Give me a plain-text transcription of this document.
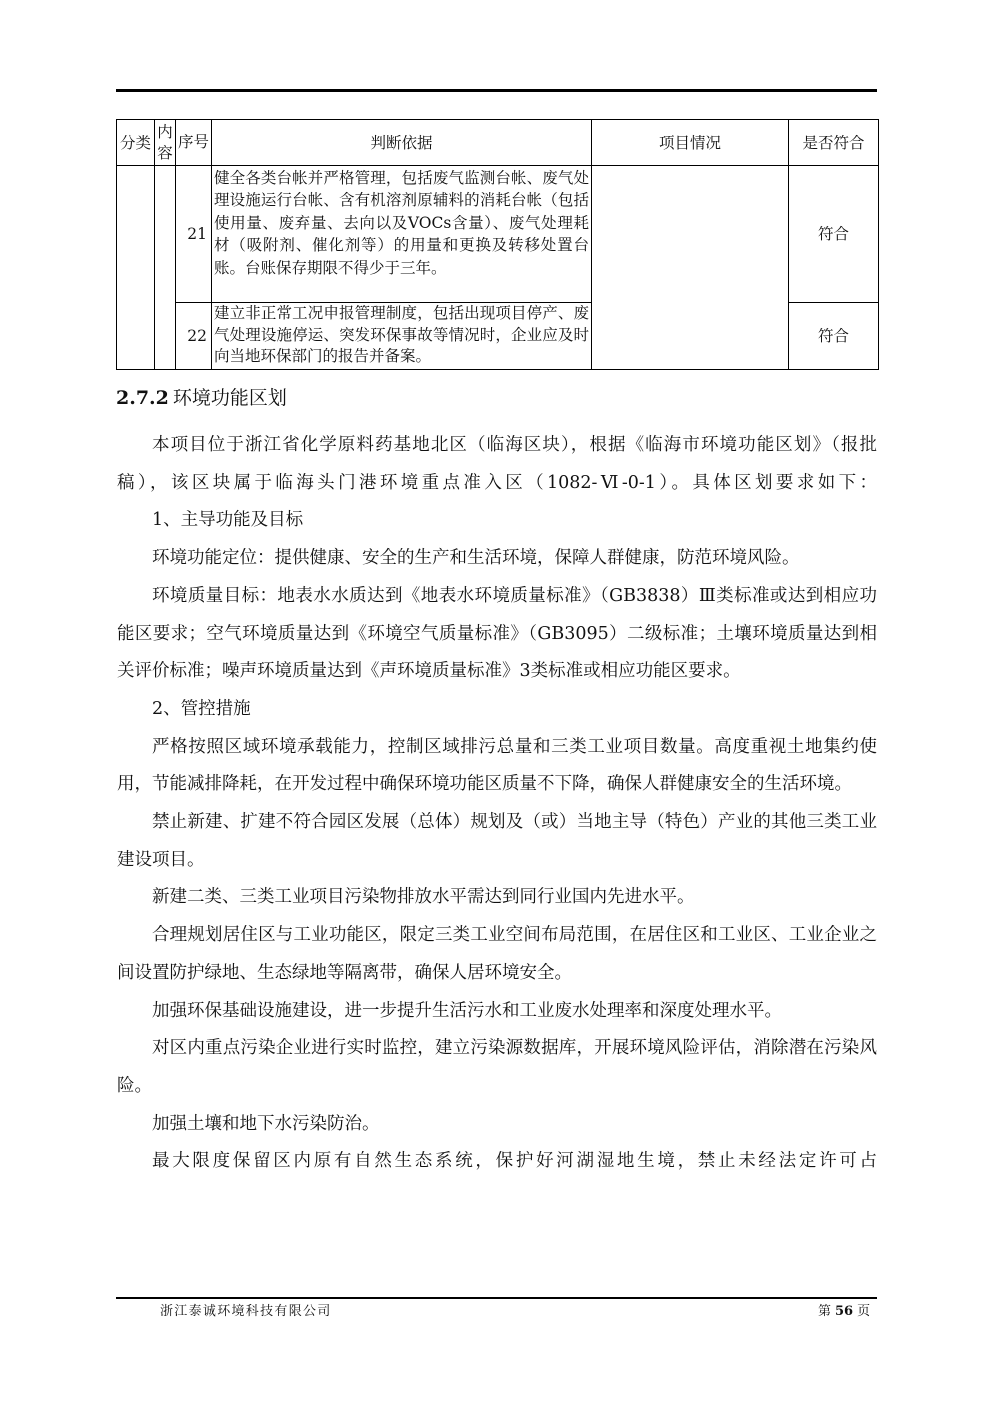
分类	内容	序号	判断依据	项目情况	是否符合
		21	健全各类台帐并严格管理，包括废气监测台帐、废气处理设施运行台帐、含有机溶剂原辅料的消耗台帐（包括使用量、废弃量、去向以及VOCs含量）、废气处理耗材（吸附剂、催化剂等）的用量和更换及转移处置台账。台账保存期限不得少于三年。		符合
		22	建立非正常工况申报管理制度，包括出现项目停产、废气处理设施停运、突发环保事故等情况时，企业应及时向当地环保部门的报告并备案。		符合
2.7.2 环境功能区划

本项目位于浙江省化学原料药基地北区（临海区块），根据《临海市环境功能区划》（报批稿），该区块属于临海头门港环境重点准入区（1082-Ⅵ-0-1）。具体区划要求如下：

1、主导功能及目标

环境功能定位：提供健康、安全的生产和生活环境，保障人群健康，防范环境风险。

环境质量目标：地表水水质达到《地表水环境质量标准》（GB3838）Ⅲ类标准或达到相应功能区要求；空气环境质量达到《环境空气质量标准》（GB3095）二级标准；土壤环境质量达到相关评价标准；噪声环境质量达到《声环境质量标准》3类标准或相应功能区要求。

2、管控措施

严格按照区域环境承载能力，控制区域排污总量和三类工业项目数量。高度重视土地集约使用，节能减排降耗，在开发过程中确保环境功能区质量不下降，确保人群健康安全的生活环境。

禁止新建、扩建不符合园区发展（总体）规划及（或）当地主导（特色）产业的其他三类工业建设项目。

新建二类、三类工业项目污染物排放水平需达到同行业国内先进水平。

合理规划居住区与工业功能区，限定三类工业空间布局范围，在居住区和工业区、工业企业之间设置防护绿地、生态绿地等隔离带，确保人居环境安全。

加强环保基础设施建设，进一步提升生活污水和工业废水处理率和深度处理水平。

对区内重点污染企业进行实时监控，建立污染源数据库，开展环境风险评估，消除潜在污染风险。

加强土壤和地下水污染防治。

最大限度保留区内原有自然生态系统，保护好河湖湿地生境，禁止未经法定许可占

浙江泰诚环境科技有限公司	第 56 页
